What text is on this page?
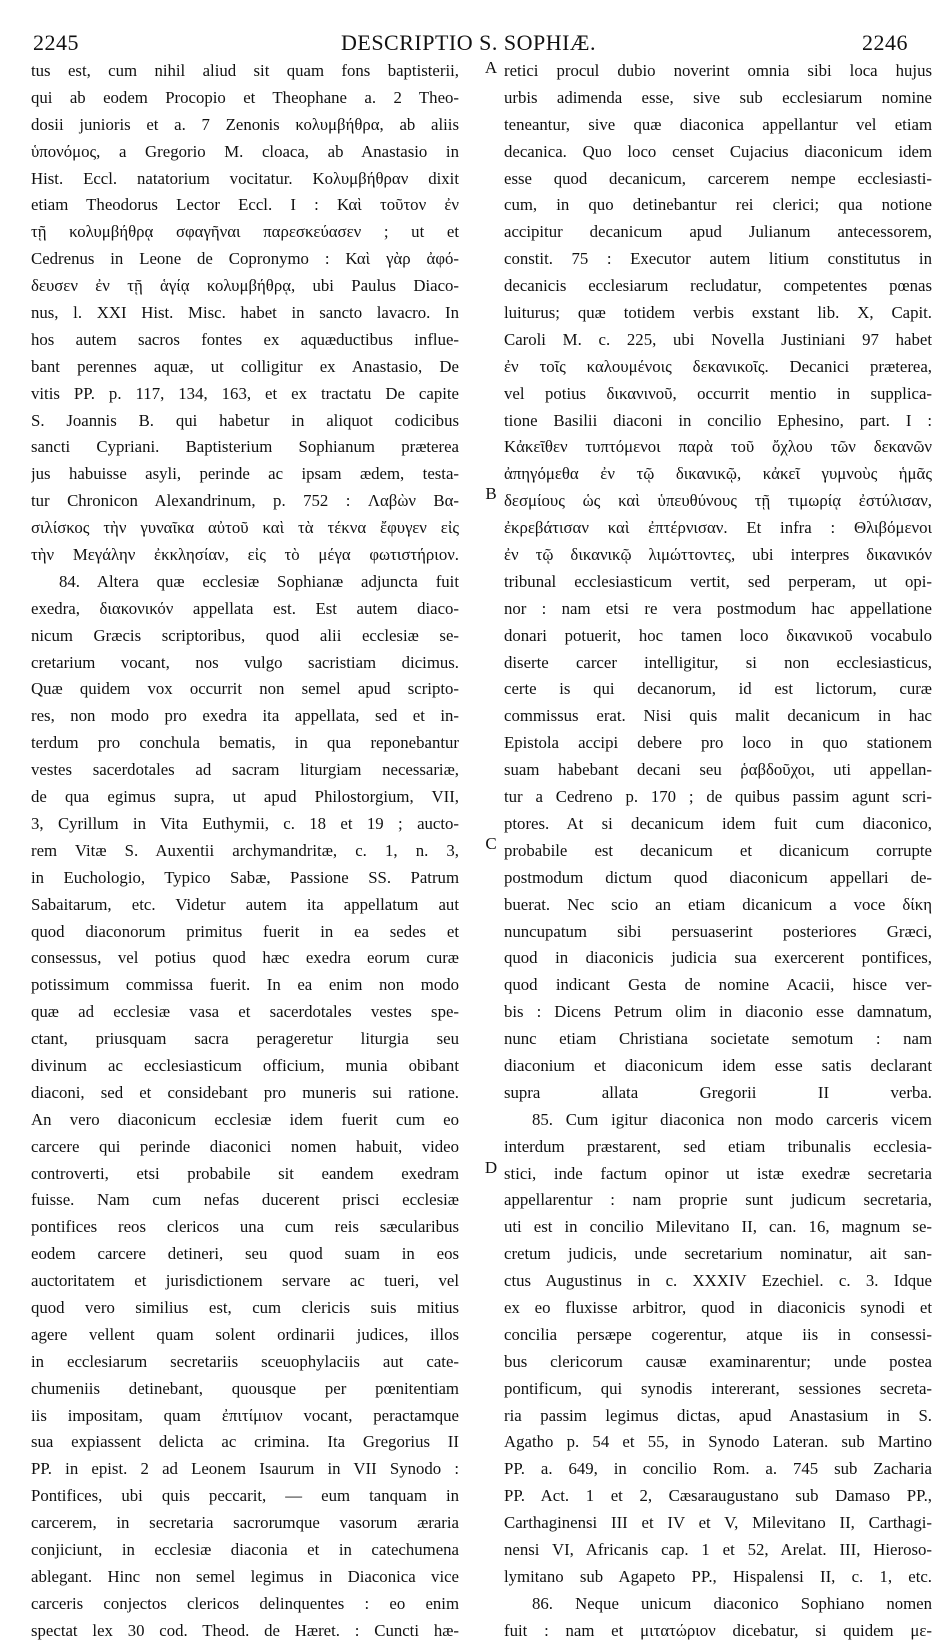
2245	DESCRIPTIO S. SOPHIÆ.	2246
tus est, cum nihil aliud sit quam fons baptisterii,
qui ab eodem Procopio et Theophane a. 2 Theo-
dosii junioris et a. 7 Zenonis κολυμβήθρα, ab aliis
ὑπονόμος, a Gregorio M. cloaca, ab Anastasio in
Hist. Eccl. natatorium vocitatur. Κολυμβήθραν dixit
etiam Theodorus Lector Eccl. I : Καὶ τοῦτον ἐν
τῇ κολυμβήθρᾳ σφαγῆναι παρεσκεύασεν ; ut et
Cedrenus in Leone de Copronymo : Καὶ γὰρ ἀφό-
δευσεν ἐν τῇ ἁγίᾳ κολυμβήθρᾳ, ubi Paulus Diaco-
nus, l. XXI Hist. Misc. habet in sancto lavacro. In
hos autem sacros fontes ex aquæductibus influe-
bant perennes aquæ, ut colligitur ex Anastasio, De
vitis PP. p. 117, 134, 163, et ex tractatu De capite
S. Joannis B. qui habetur in aliquot codicibus
sancti Cypriani. Baptisterium Sophianum præterea
jus habuisse asyli, perinde ac ipsam ædem, testa-
tur Chronicon Alexandrinum, p. 752 : Λαβὼν Βα-
σιλίσκος τὴν γυναῖκα αὐτοῦ καὶ τὰ τέκνα ἔφυγεν εἰς
τὴν Μεγάλην ἐκκλησίαν, εἰς τὸ μέγα φωτιστήριον.
84. Altera quæ ecclesiæ Sophianæ adjuncta fuit
exedra, διακονικόν appellata est. Est autem diaco-
nicum Græcis scriptoribus, quod alii ecclesiæ se-
cretarium vocant, nos vulgo sacristiam dicimus.
Quæ quidem vox occurrit non semel apud scripto-
res, non modo pro exedra ita appellata, sed et in-
terdum pro conchula bematis, in qua reponebantur
vestes sacerdotales ad sacram liturgiam necessariæ,
de qua egimus supra, ut apud Philostorgium, VII,
3, Cyrillum in Vita Euthymii, c. 18 et 19 ; aucto-
rem Vitæ S. Auxentii archymandritæ, c. 1, n. 3,
in Euchologio, Typico Sabæ, Passione SS. Patrum
Sabaitarum, etc. Videtur autem ita appellatum aut
quod diaconorum primitus fuerit in ea sedes et
consessus, vel potius quod hæc exedra eorum curæ
potissimum commissa fuerit. In ea enim non modo
quæ ad ecclesiæ vasa et sacerdotales vestes spe-
ctant, priusquam sacra perageretur liturgia seu
divinum ac ecclesiasticum officium, munia obibant
diaconi, sed et considebant pro muneris sui ratione.
An vero diaconicum ecclesiæ idem fuerit cum eo
carcere qui perinde diaconici nomen habuit, video
controverti, etsi probabile sit eandem exedram
fuisse. Nam cum nefas ducerent prisci ecclesiæ
pontifices reos clericos una cum reis sæcularibus
eodem carcere detineri, seu quod suam in eos
auctoritatem et jurisdictionem servare ac tueri, vel
quod vero similius est, cum clericis suis mitius
agere vellent quam solent ordinarii judices, illos
in ecclesiarum secretariis sceuophylaciis aut cate-
chumeniis detinebant, quousque per pœnitentiam
iis impositam, quam ἐπιτίμιον vocant, peractamque
sua expiassent delicta ac crimina. Ita Gregorius II
PP. in epist. 2 ad Leonem Isaurum in VII Synodo :
Pontifices, ubi quis peccarit, — eum tanquam in
carcerem, in secretaria sacrorumque vasorum æraria
conjiciunt, in ecclesiæ diaconia et in catechumena
ablegant. Hinc non semel legimus in Diaconica vice
carceris conjectos clericos delinquentes : eo enim
spectat lex 30 cod. Theod. de Hæret. : Cuncti hæ-
retici procul dubio noverint omnia sibi loca hujus
urbis adimenda esse, sive sub ecclesiarum nomine
teneantur, sive quæ diaconica appellantur vel etiam
decanica. Quo loco censet Cujacius diaconicum idem
esse quod decanicum, carcerem nempe ecclesiasti-
cum, in quo detinebantur rei clerici; qua notione
accipitur decanicum apud Julianum antecessorem,
constit. 75 : Executor autem litium constitutus in
decanicis ecclesiarum recludatur, competentes pœnas
luiturus; quæ totidem verbis exstant lib. X, Capit.
Caroli M. c. 225, ubi Novella Justiniani 97 habet
ἐν τοῖς καλουμένοις δεκανικοῖς. Decanici præterea,
vel potius δικανινοῦ, occurrit mentio in supplica-
tione Basilii diaconi in concilio Ephesino, part. I :
Κἀκεῖθεν τυπτόμενοι παρὰ τοῦ ὄχλου τῶν δεκανῶν
ἀπηγόμεθα ἐν τῷ δικανικῷ, κἀκεῖ γυμνοὺς ἡμᾶς
δεσμίους ὡς καὶ ὑπευθύνους τῇ τιμωρίᾳ ἐστύλισαν,
ἐκρεβάτισαν καὶ ἐπτέρνισαν. Et infra : Θλιβόμενοι
ἐν τῷ δικανικῷ λιμώττοντες, ubi interpres δικανικόν
tribunal ecclesiasticum vertit, sed perperam, ut opi-
nor : nam etsi re vera postmodum hac appellatione
donari potuerit, hoc tamen loco δικανικοῦ vocabulo
diserte carcer intelligitur, si non ecclesiasticus,
certe is qui decanorum, id est lictorum, curæ
commissus erat. Nisi quis malit decanicum in hac
Epistola accipi debere pro loco in quo stationem
suam habebant decani seu ῥαβδοῦχοι, uti appellan-
tur a Cedreno p. 170 ; de quibus passim agunt scri-
ptores. At si decanicum idem fuit cum diaconico,
probabile est decanicum et dicanicum corrupte
postmodum dictum quod diaconicum appellari de-
buerat. Nec scio an etiam dicanicum a voce δίκη
nuncupatum sibi persuaserint posteriores Græci,
quod in diaconicis judicia sua exercerent pontifices,
quod indicant Gesta de nomine Acacii, hisce ver-
bis : Dicens Petrum olim in diaconio esse damnatum,
nunc etiam Christiana societate semotum : nam
diaconium et diaconicum idem esse satis declarant
supra allata Gregorii II verba.
85. Cum igitur diaconica non modo carceris vicem
interdum præstarent, sed etiam tribunalis ecclesia-
stici, inde factum opinor ut istæ exedræ secretaria
appellarentur : nam proprie sunt judicum secretaria,
uti est in concilio Milevitano II, can. 16, magnum se-
cretum judicis, unde secretarium nominatur, ait san-
ctus Augustinus in c. XXXIV Ezechiel. c. 3. Idque
ex eo fluxisse arbitror, quod in diaconicis synodi et
concilia persæpe cogerentur, atque iis in consessi-
bus clericorum causæ examinarentur; unde postea
pontificum, qui synodis intererant, sessiones secreta-
ria passim legimus dictas, apud Anastasium in S.
Agatho p. 54 et 55, in Synodo Lateran. sub Martino
PP. a. 649, in concilio Rom. a. 745 sub Zacharia
PP. Act. 1 et 2, Cæsaraugustano sub Damaso PP.,
Carthaginensi III et IV et V, Milevitano II, Carthagi-
nensi VI, Africanis cap. 1 et 52, Arelat. III, Hieroso-
lymitano sub Agapeto PP., Hispalensi II, c. 1, etc.
86. Neque unicum diaconico Sophiano nomen
fuit : nam et μιτατώριον dicebatur, si quidem με-
A
B
C
D
